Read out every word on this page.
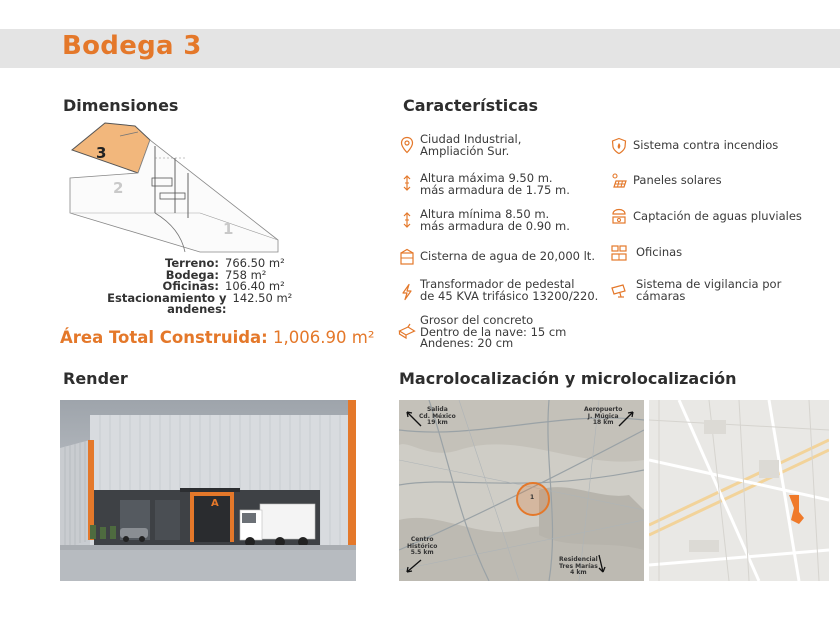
Bodega 3
Dimensiones	Características
Render	Macrolocalización y microlocalización
3
2
1
Terreno: 766.50 m²
Bodega: 758 m²
Oficinas: 106.40 m²
Estacionamiento y andenes:
142.50 m²
Área Total Construida: 1,006.90 m²
Ciudad Industrial,
Ampliación Sur.
Altura máxima 9.50 m.
más armadura de 1.75 m.
Altura mínima 8.50 m.
más armadura de 0.90 m.
Cisterna de agua de 20,000 lt.
Transformador de pedestal
de 45 KVA trifásico 13200/220.
Grosor del concreto
Dentro de la nave: 15 cm
Andenes: 20 cm
Sistema contra incendios
Paneles solares
Captación de aguas pluviales
Oficinas
Sistema de vigilancia por
cámaras
A
Salida
Cd. México
19 km
Aeropuerto
J. Múgica
18 km
Centro
Histórico
5.5 km
Residencial
Tres Marías
4 km
1
